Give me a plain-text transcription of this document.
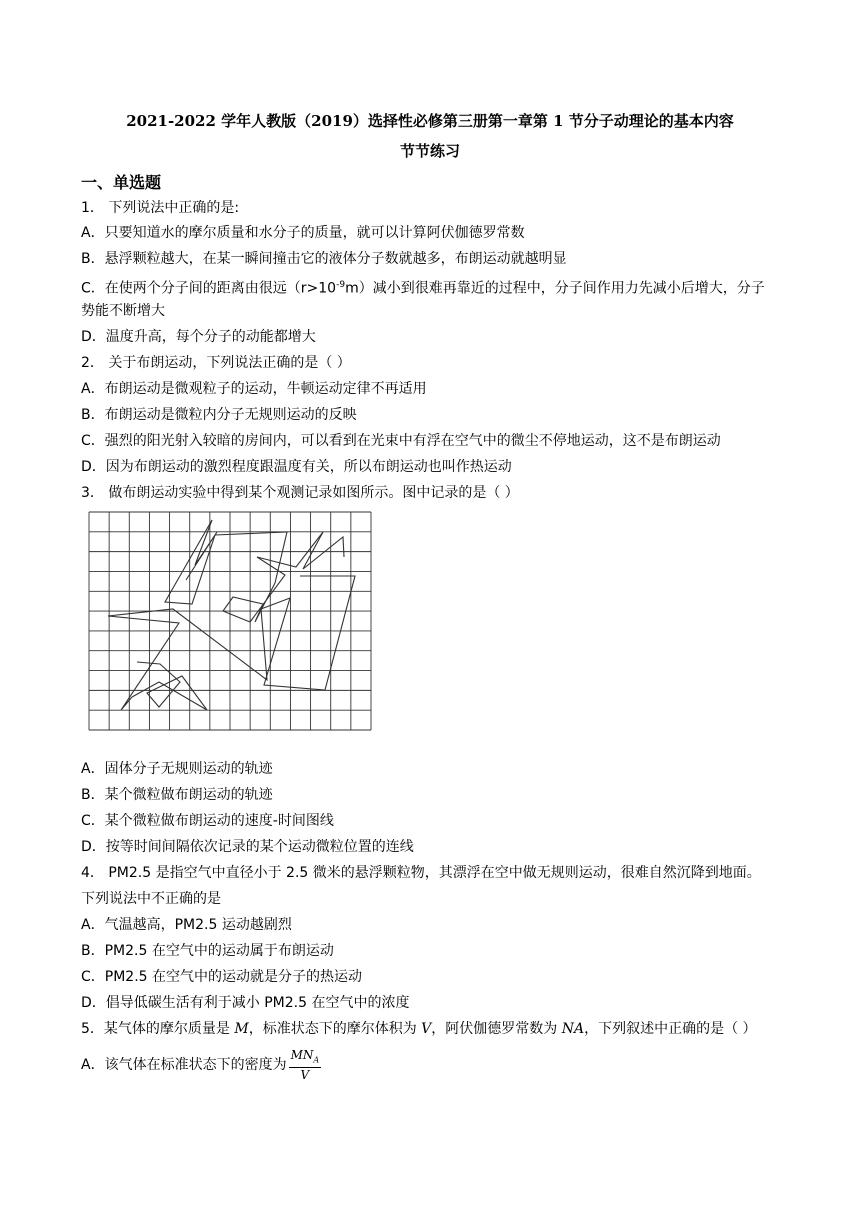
2021-2022 学年人教版（2019）选择性必修第三册第一章第 1 节分子动理论的基本内容
节节练习
一、单选题
1． 下列说法中正确的是:
A．只要知道水的摩尔质量和水分子的质量，就可以计算阿伏伽德罗常数
B．悬浮颗粒越大，在某一瞬间撞击它的液体分子数就越多，布朗运动就越明显
C．在使两个分子间的距离由很远$(r>10^{-9}m)$减小到很难再靠近的过程中，分子间作用力先减小后增大，分子
势能不断增大
D．温度升高，每个分子的动能都增大
2． 关于布朗运动，下列说法正确的是（ ）
A．布朗运动是微观粒子的运动，牛顿运动定律不再适用
B．布朗运动是微粒内分子无规则运动的反映
C．强烈的阳光射入较暗的房间内，可以看到在光束中有浮在空气中的微尘不停地运动，这不是布朗运动
D．因为布朗运动的激烈程度跟温度有关，所以布朗运动也叫作热运动
3． 做布朗运动实验中得到某个观测记录如图所示。图中记录的是（ ）
A．固体分子无规则运动的轨迹
B．某个微粒做布朗运动的轨迹
C．某个微粒做布朗运动的速度-时间图线
D．按等时间间隔依次记录的某个运动微粒位置的连线
4． PM2.5 是指空气中直径小于 2.5 微米的悬浮颗粒物，其漂浮在空中做无规则运动，很难自然沉降到地面。
下列说法中不正确的是
A．气温越高，PM2.5 运动越剧烈
B．PM2.5 在空气中的运动属于布朗运动
C．PM2.5 在空气中的运动就是分子的热运动
D．倡导低碳生活有利于减小 PM2.5 在空气中的浓度
5．某气体的摩尔质量是 M，标准状态下的摩尔体积为 V，阿伏伽德罗常数为 NA，下列叙述中正确的是（ ）
A．该气体在标准状态下的密度为 $\frac{MN_A}{V}$
